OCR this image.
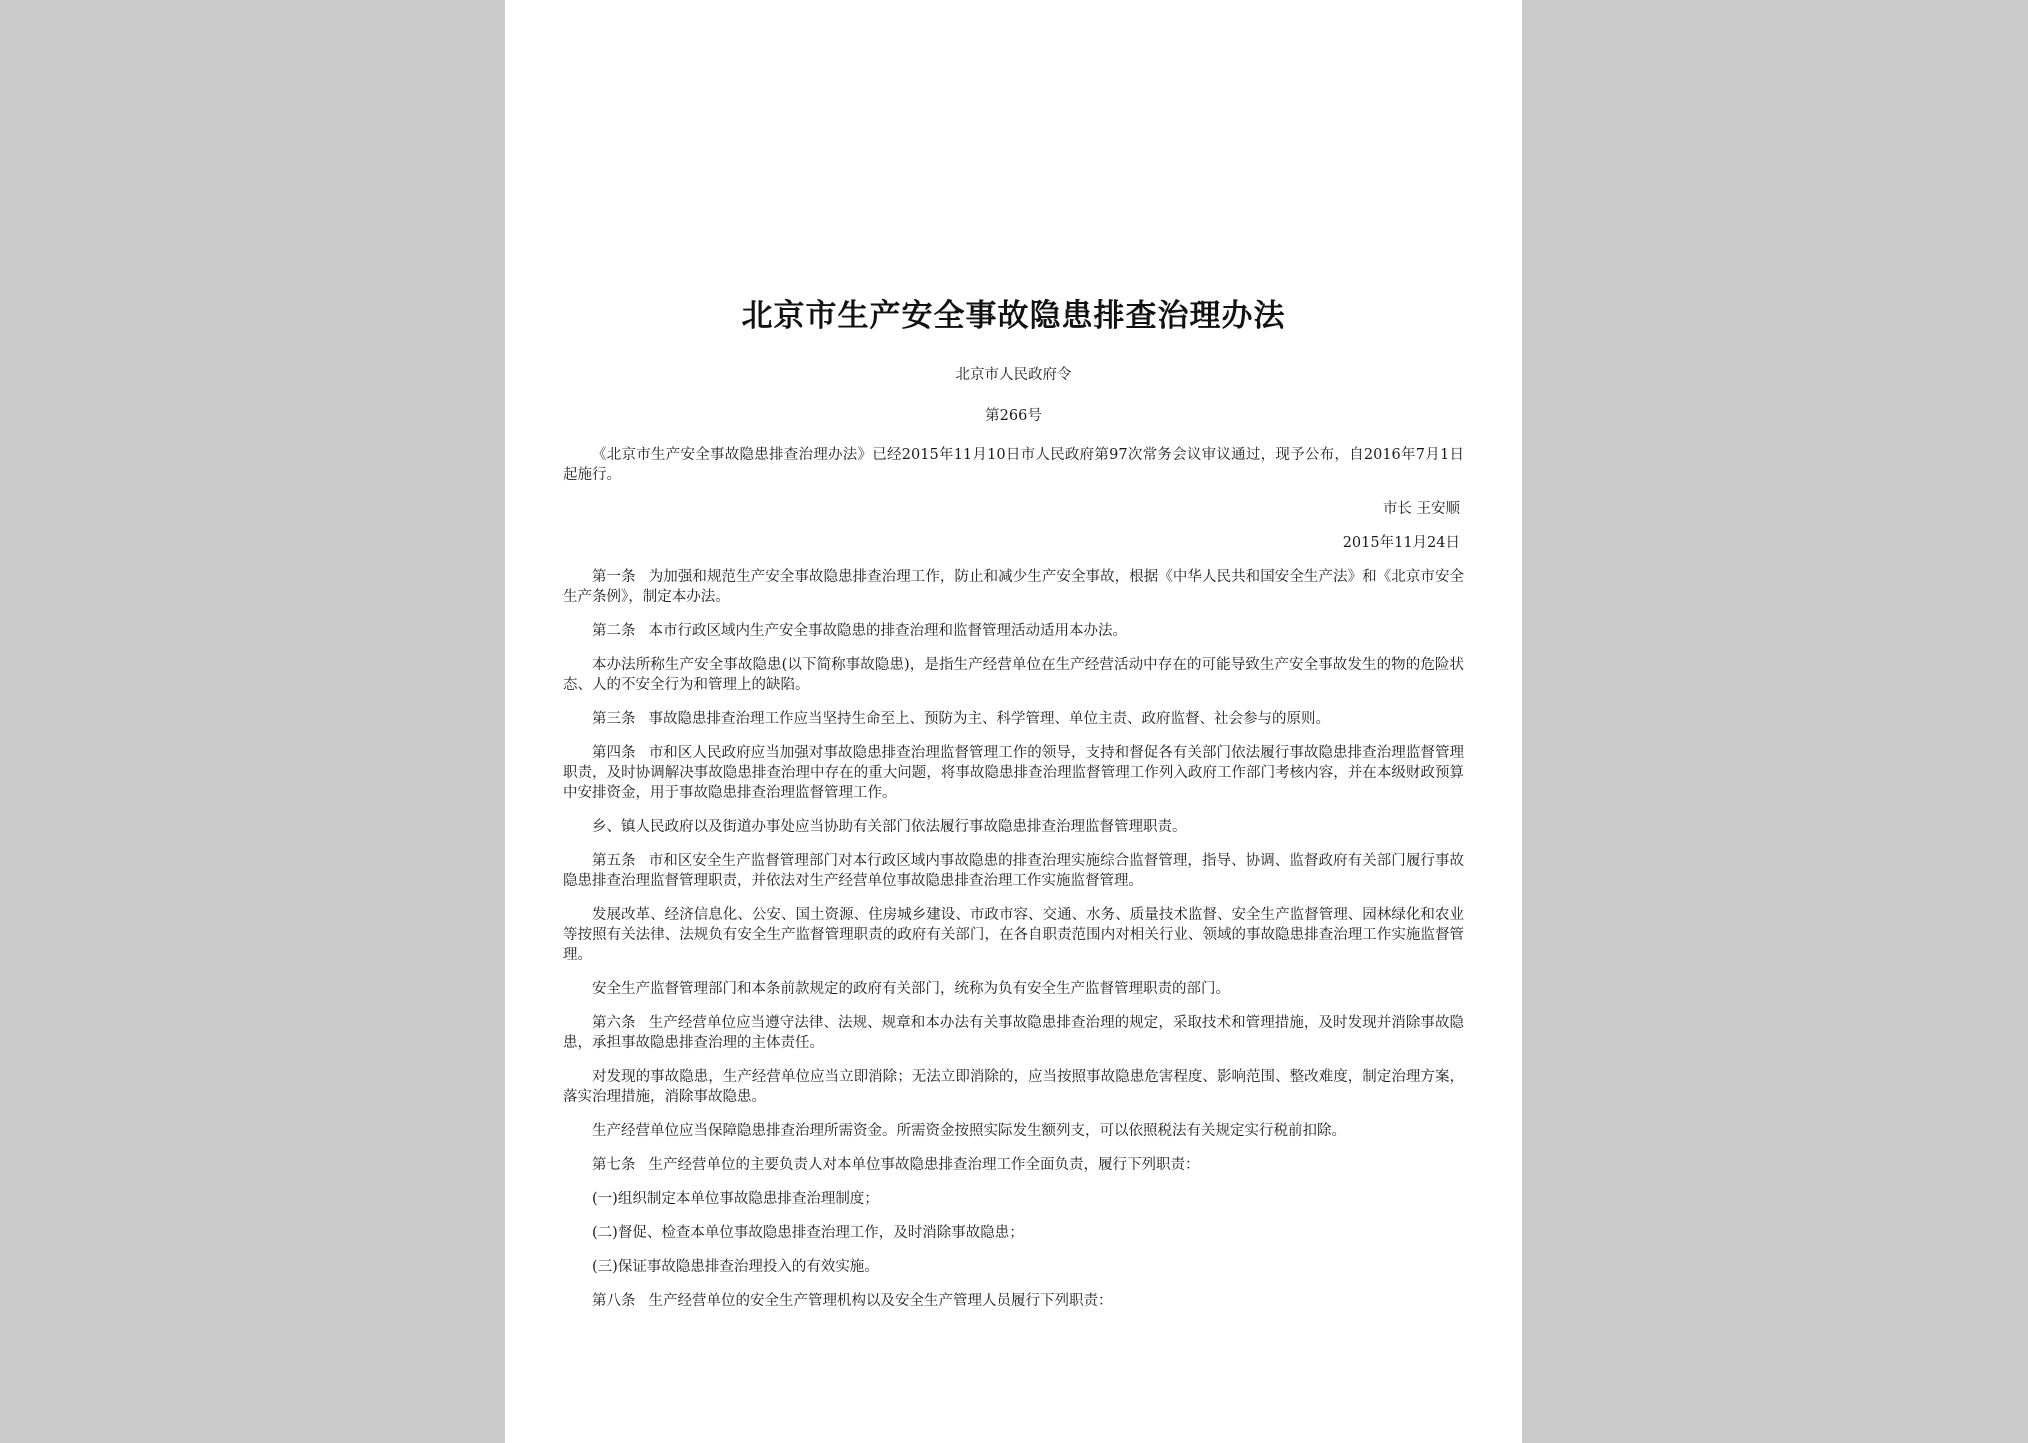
北京市生产安全事故隐患排查治理办法

北京市人民政府令

第266号

《北京市生产安全事故隐患排查治理办法》已经2015年11月10日市人民政府第97次常务会议审议通过，现予公布，自2016年7月1日起施行。

市长 王安顺

2015年11月24日

第一条 为加强和规范生产安全事故隐患排查治理工作，防止和减少生产安全事故，根据《中华人民共和国安全生产法》和《北京市安全生产条例》，制定本办法。

第二条 本市行政区域内生产安全事故隐患的排查治理和监督管理活动适用本办法。

本办法所称生产安全事故隐患(以下简称事故隐患)，是指生产经营单位在生产经营活动中存在的可能导致生产安全事故发生的物的危险状态、人的不安全行为和管理上的缺陷。

第三条 事故隐患排查治理工作应当坚持生命至上、预防为主、科学管理、单位主责、政府监督、社会参与的原则。

第四条 市和区人民政府应当加强对事故隐患排查治理监督管理工作的领导，支持和督促各有关部门依法履行事故隐患排查治理监督管理职责，及时协调解决事故隐患排查治理中存在的重大问题，将事故隐患排查治理监督管理工作列入政府工作部门考核内容，并在本级财政预算中安排资金，用于事故隐患排查治理监督管理工作。

乡、镇人民政府以及街道办事处应当协助有关部门依法履行事故隐患排查治理监督管理职责。

第五条 市和区安全生产监督管理部门对本行政区域内事故隐患的排查治理实施综合监督管理，指导、协调、监督政府有关部门履行事故隐患排查治理监督管理职责，并依法对生产经营单位事故隐患排查治理工作实施监督管理。

发展改革、经济信息化、公安、国土资源、住房城乡建设、市政市容、交通、水务、质量技术监督、安全生产监督管理、园林绿化和农业等按照有关法律、法规负有安全生产监督管理职责的政府有关部门，在各自职责范围内对相关行业、领域的事故隐患排查治理工作实施监督管理。

安全生产监督管理部门和本条前款规定的政府有关部门，统称为负有安全生产监督管理职责的部门。

第六条 生产经营单位应当遵守法律、法规、规章和本办法有关事故隐患排查治理的规定，采取技术和管理措施，及时发现并消除事故隐患，承担事故隐患排查治理的主体责任。

对发现的事故隐患，生产经营单位应当立即消除；无法立即消除的，应当按照事故隐患危害程度、影响范围、整改难度，制定治理方案，落实治理措施，消除事故隐患。

生产经营单位应当保障隐患排查治理所需资金。所需资金按照实际发生额列支，可以依照税法有关规定实行税前扣除。

第七条 生产经营单位的主要负责人对本单位事故隐患排查治理工作全面负责，履行下列职责：

(一)组织制定本单位事故隐患排查治理制度；

(二)督促、检查本单位事故隐患排查治理工作，及时消除事故隐患；

(三)保证事故隐患排查治理投入的有效实施。

第八条 生产经营单位的安全生产管理机构以及安全生产管理人员履行下列职责：
